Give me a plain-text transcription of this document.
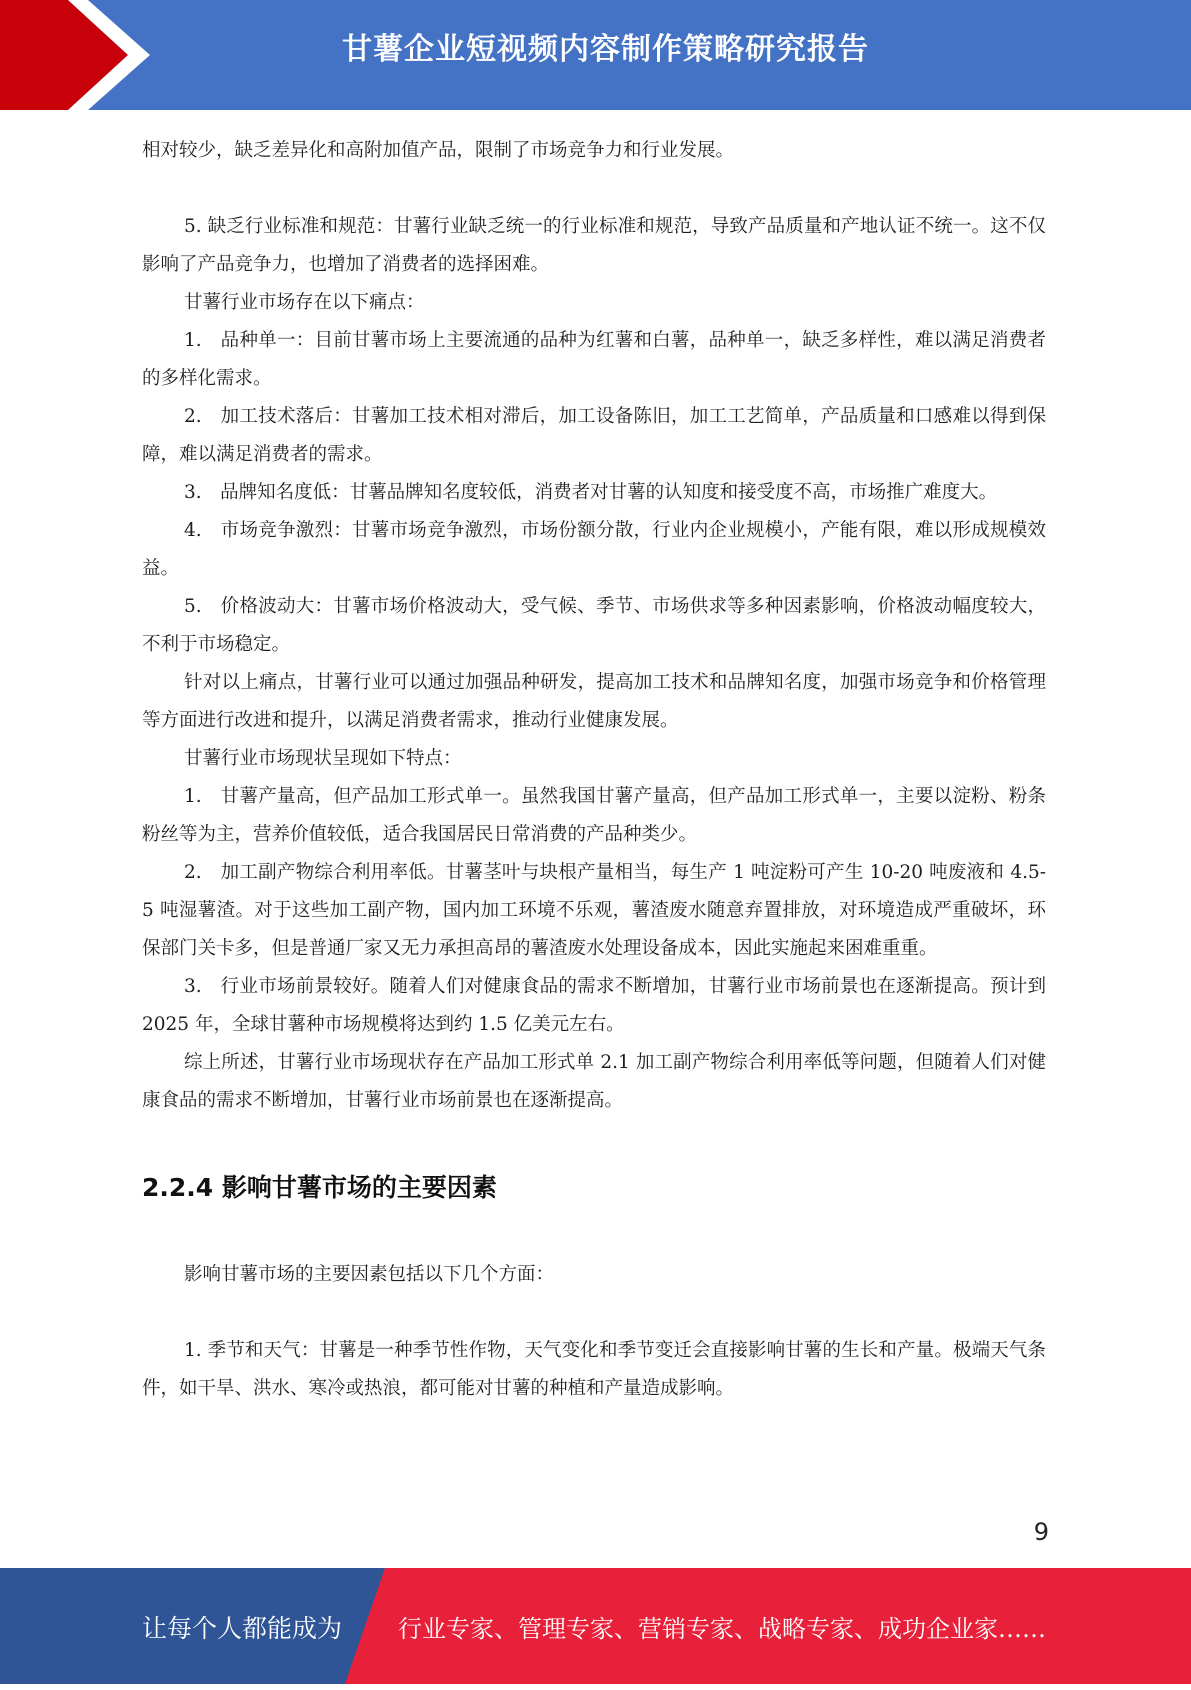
甘薯企业短视频内容制作策略研究报告

相对较少，缺乏差异化和高附加值产品，限制了市场竞争力和行业发展。

5. 缺乏行业标准和规范：甘薯行业缺乏统一的行业标准和规范，导致产品质量和产地认证不统一。这不仅影响了产品竞争力，也增加了消费者的选择困难。

甘薯行业市场存在以下痛点：

1.　品种单一：目前甘薯市场上主要流通的品种为红薯和白薯，品种单一，缺乏多样性，难以满足消费者的多样化需求。

2.　加工技术落后：甘薯加工技术相对滞后，加工设备陈旧，加工工艺简单，产品质量和口感难以得到保障，难以满足消费者的需求。

3.　品牌知名度低：甘薯品牌知名度较低，消费者对甘薯的认知度和接受度不高，市场推广难度大。

4.　市场竞争激烈：甘薯市场竞争激烈，市场份额分散，行业内企业规模小，产能有限，难以形成规模效益。

5.　价格波动大：甘薯市场价格波动大，受气候、季节、市场供求等多种因素影响，价格波动幅度较大，不利于市场稳定。

针对以上痛点，甘薯行业可以通过加强品种研发，提高加工技术和品牌知名度，加强市场竞争和价格管理等方面进行改进和提升，以满足消费者需求，推动行业健康发展。

甘薯行业市场现状呈现如下特点：

1.　甘薯产量高，但产品加工形式单一。虽然我国甘薯产量高，但产品加工形式单一，主要以淀粉、粉条粉丝等为主，营养价值较低，适合我国居民日常消费的产品种类少。

2.　加工副产物综合利用率低。甘薯茎叶与块根产量相当，每生产 1 吨淀粉可产生 10-20 吨废液和 4.5-5 吨湿薯渣。对于这些加工副产物，国内加工环境不乐观，薯渣废水随意弃置排放，对环境造成严重破坏，环保部门关卡多，但是普通厂家又无力承担高昂的薯渣废水处理设备成本，因此实施起来困难重重。

3.　行业市场前景较好。随着人们对健康食品的需求不断增加，甘薯行业市场前景也在逐渐提高。预计到 2025 年，全球甘薯种市场规模将达到约 1.5 亿美元左右。

综上所述，甘薯行业市场现状存在产品加工形式单 2.1 加工副产物综合利用率低等问题，但随着人们对健康食品的需求不断增加，甘薯行业市场前景也在逐渐提高。

2.2.4 影响甘薯市场的主要因素

影响甘薯市场的主要因素包括以下几个方面：

1. 季节和天气：甘薯是一种季节性作物，天气变化和季节变迁会直接影响甘薯的生长和产量。极端天气条件，如干旱、洪水、寒冷或热浪，都可能对甘薯的种植和产量造成影响。

9
让每个人都能成为 行业专家、管理专家、营销专家、战略专家、成功企业家……
